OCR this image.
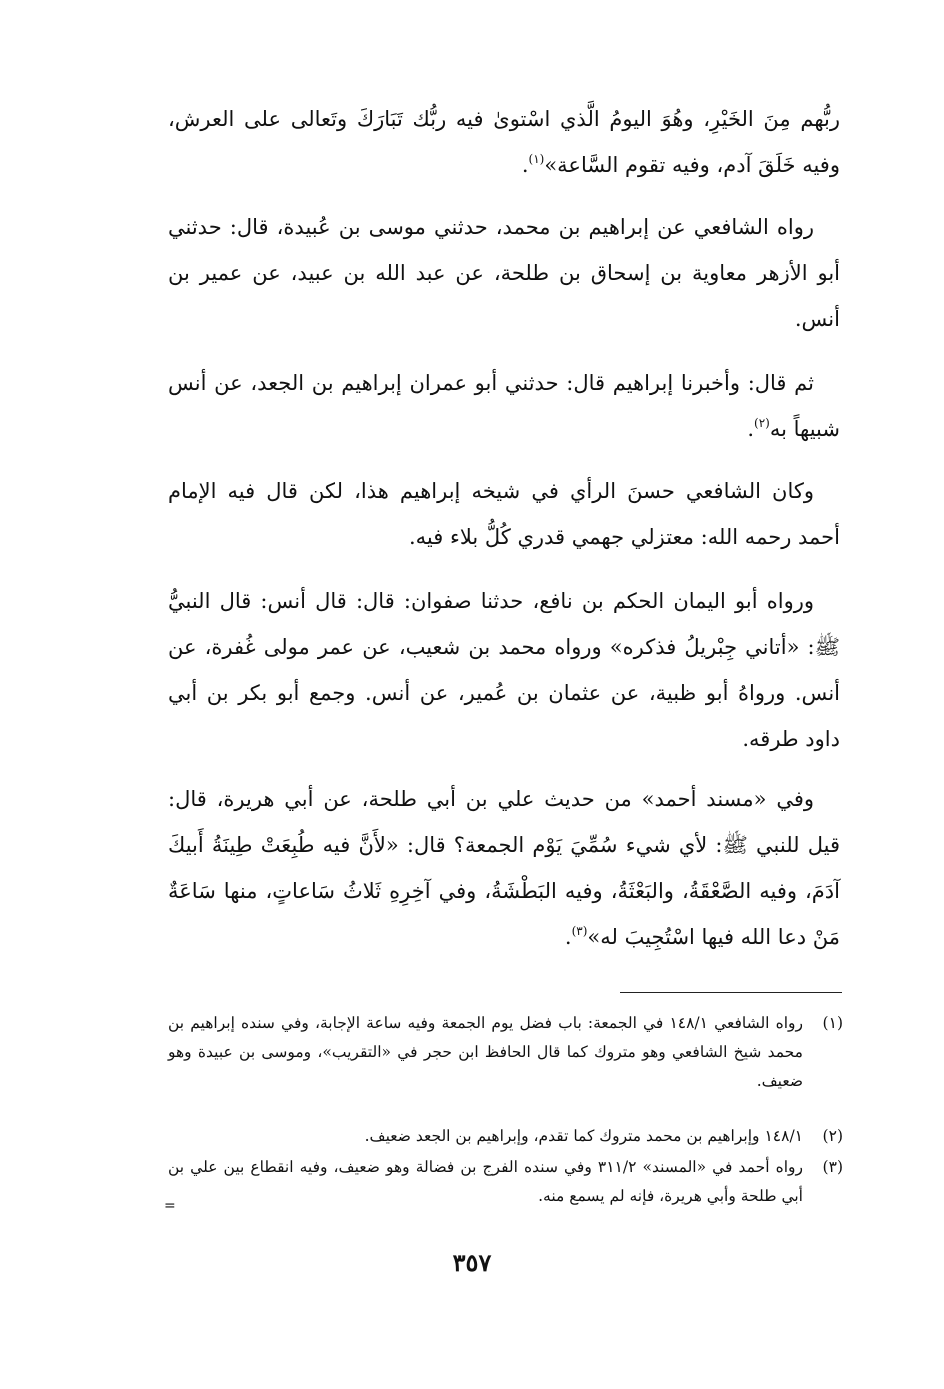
ربُّهم مِنَ الخَيْرِ، وهُوَ اليومُ الَّذي اسْتوىٰ فيه ربُّك تَبَارَكَ وتَعالى على العرش، وفيه خَلَقَ آدم، وفيه تقوم السَّاعة»$^{(١)}$.

رواه الشافعي عن إبراهيم بن محمد، حدثني موسى بن عُبيدة، قال: حدثني أبو الأزهر معاوية بن إسحاق بن طلحة، عن عبد الله بن عبيد، عن عمير بن أنس.

ثم قال: وأخبرنا إبراهيم قال: حدثني أبو عمران إبراهيم بن الجعد، عن أنس شبيهاً به$^{(٢)}$.

وكان الشافعي حسنَ الرأي في شيخه إبراهيم هذا، لكن قال فيه الإمام أحمد رحمه الله: معتزلي جهمي قدري كُلُّ بلاء فيه.

ورواه أبو اليمان الحكم بن نافع، حدثنا صفوان: قال: قال أنس: قال النبيُّ ﷺ: «أتاني جِبْريلُ فذكره» ورواه محمد بن شعيب، عن عمر مولى غُفرة، عن أنس. ورواهُ أبو ظبية، عن عثمان بن عُمير، عن أنس. وجمع أبو بكر بن أبي داود طرقه.

وفي «مسند أحمد» من حديث علي بن أبي طلحة، عن أبي هريرة، قال: قيل للنبي ﷺ: لأي شيء سُمِّيَ يَوْم الجمعة؟ قال: «لأَنَّ فيه طُبِعَتْ طِينَةُ أَبيكَ آدَمَ، وفيه الصَّعْقَةُ، والبَعْثَةُ، وفيه البَطْشَةُ، وفي آخِرِهِ ثَلاثُ سَاعاتٍ، منها سَاعَةٌ مَنْ دعا الله فيها اسْتُجِيبَ له»$^{(٣)}$.

(١)
رواه الشافعي ١٤٨/١ في الجمعة: باب فضل يوم الجمعة وفيه ساعة الإجابة، وفي سنده إبراهيم بن محمد شيخ الشافعي وهو متروك كما قال الحافظ ابن حجر في «التقريب»، وموسى بن عبيدة وهو ضعيف.
(٢)
١٤٨/١ وإبراهيم بن محمد متروك كما تقدم، وإبراهيم بن الجعد ضعيف.
(٣)
رواه أحمد في «المسند» ٣١١/٢ وفي سنده الفرج بن فضالة وهو ضعيف، وفيه انقطاع بين علي بن أبي طلحة وأبي هريرة، فإنه لم يسمع منه.
=
٣٥٧
